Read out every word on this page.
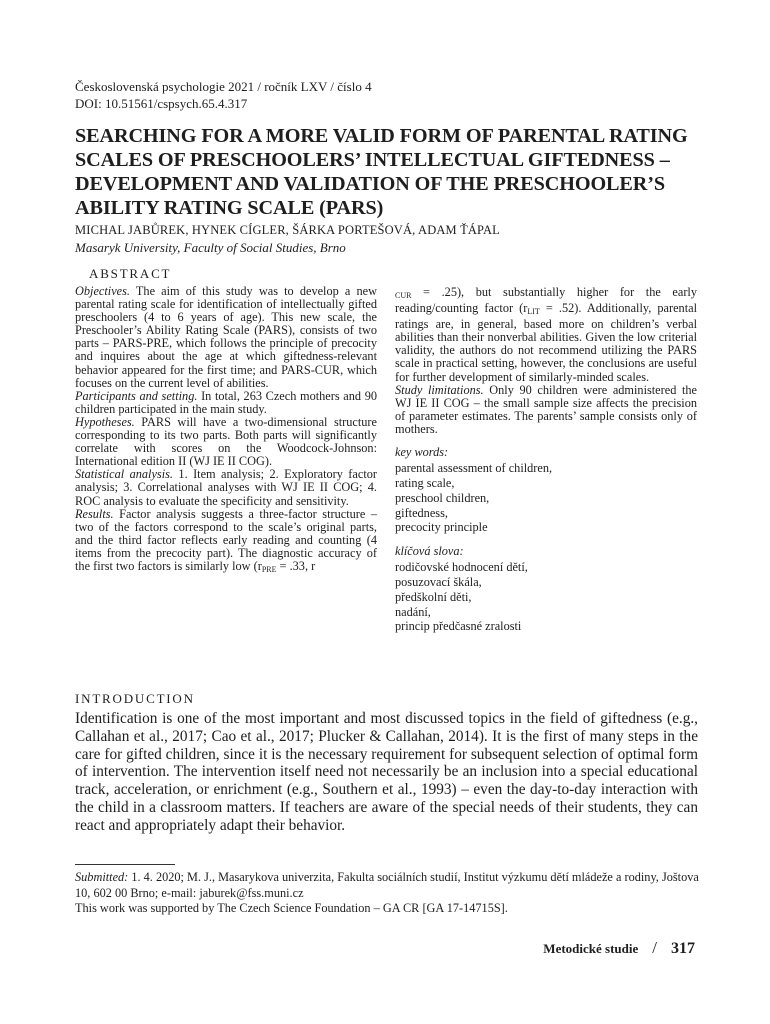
Československá psychologie 2021 / ročník LXV / číslo 4
DOI: 10.51561/cspsych.65.4.317
SEARCHING FOR A MORE VALID FORM OF PARENTAL RATING SCALES OF PRESCHOOLERS’ INTELLECTUAL GIFTEDNESS – DEVELOPMENT AND VALIDATION OF THE PRESCHOOLER’S ABILITY RATING SCALE (PARS)
MICHAL JABŮREK, HYNEK CÍGLER, ŠÁRKA PORTEŠOVÁ, ADAM ŤÁPAL
Masaryk University, Faculty of Social Studies, Brno
ABSTRACT

Objectives. The aim of this study was to develop a new parental rating scale for identification of intellectually gifted preschoolers (4 to 6 years of age). This new scale, the Preschooler’s Ability Rating Scale (PARS), consists of two parts – PARS-PRE, which follows the principle of precocity and inquires about the age at which giftedness-relevant behavior appeared for the first time; and PARS-CUR, which focuses on the current level of abilities.

Participants and setting. In total, 263 Czech mothers and 90 children participated in the main study.

Hypotheses. PARS will have a two-dimensional structure corresponding to its two parts. Both parts will significantly correlate with scores on the Woodcock-Johnson: International edition II (WJ IE II COG).

Statistical analysis. 1. Item analysis; 2. Exploratory factor analysis; 3. Correlational analyses with WJ IE II COG; 4. ROC analysis to evaluate the specificity and sensitivity.

Results. Factor analysis suggests a three-factor structure – two of the factors correspond to the scale’s original parts, and the third factor reflects early reading and counting (4 items from the precocity part). The diagnostic accuracy of the first two factors is similarly low ($r_{PRE} = .33$, r

$_{CUR}$ = .25), but substantially higher for the early reading/counting factor $(r_{LIT} = .52)$. Additionally, parental ratings are, in general, based more on children’s verbal abilities than their nonverbal abilities. Given the low criterial validity, the authors do not recommend utilizing the PARS scale in practical setting, however, the conclusions are useful for further development of similarly-minded scales.

Study limitations. Only 90 children were administered the WJ IE II COG – the small sample size affects the precision of parameter estimates. The parents’ sample consists only of mothers.

key words:

parental assessment of children,
rating scale,
preschool children,
giftedness,
precocity principle

klíčová slova:

rodičovské hodnocení dětí,
posuzovací škála,
předškolní děti,
nadání,
princip předčasné zralosti
INTRODUCTION
Identification is one of the most important and most discussed topics in the field of giftedness (e.g., Callahan et al., 2017; Cao et al., 2017; Plucker & Callahan, 2014). It is the first of many steps in the care for gifted children, since it is the necessary requirement for subsequent selection of optimal form of intervention. The intervention itself need not necessarily be an inclusion into a special educational track, acceleration, or enrichment (e.g., Southern et al., 1993) – even the day-to-day interaction with the child in a classroom matters. If teachers are aware of the special needs of their students, they can react and appropriately adapt their behavior.

Submitted: 1. 4. 2020; M. J., Masarykova univerzita, Fakulta sociálních studií, Institut výzkumu dětí mládeže a rodiny, Joštova 10, 602 00 Brno; e-mail: jaburek@fss.muni.cz

This work was supported by The Czech Science Foundation – GA CR [GA 17-14715S].

Metodické studie / 317
